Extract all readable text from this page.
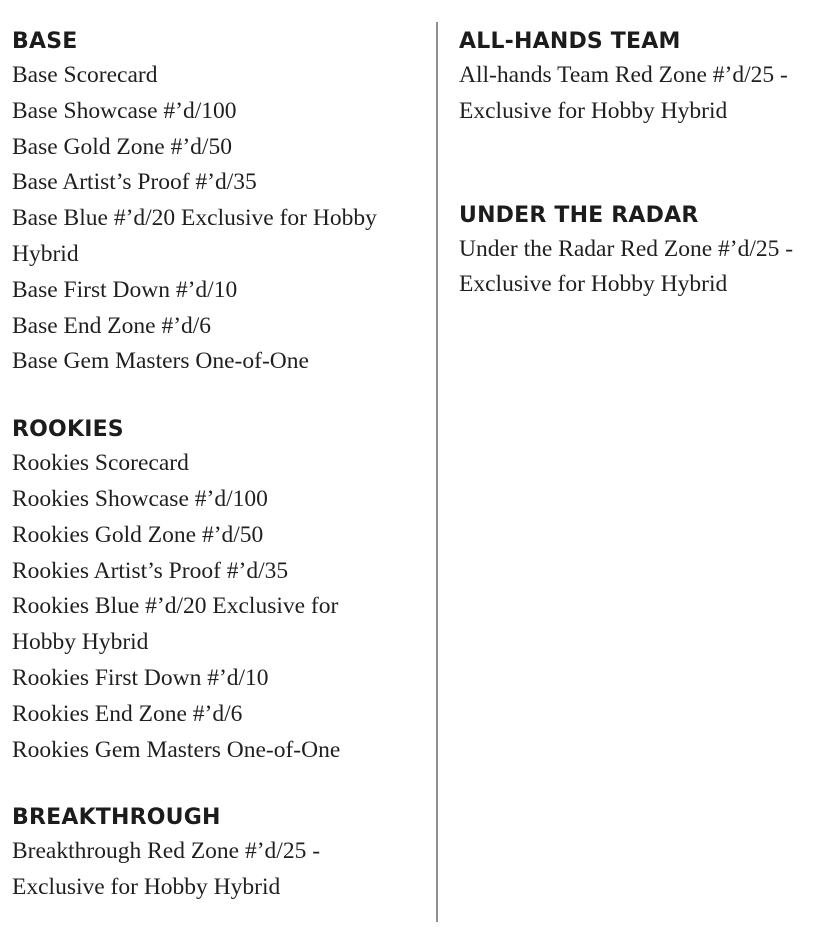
BASE
Base Scorecard
Base Showcase #’d/100
Base Gold Zone #’d/50
Base Artist’s Proof #’d/35
Base Blue #’d/20 Exclusive for Hobby
Hybrid
Base First Down #’d/10
Base End Zone #’d/6
Base Gem Masters One-of-One
ROOKIES
Rookies Scorecard
Rookies Showcase #’d/100
Rookies Gold Zone #’d/50
Rookies Artist’s Proof #’d/35
Rookies Blue #’d/20 Exclusive for
Hobby Hybrid
Rookies First Down #’d/10
Rookies End Zone #’d/6
Rookies Gem Masters One-of-One
BREAKTHROUGH
Breakthrough Red Zone #’d/25 -
Exclusive for Hobby Hybrid
ALL-HANDS TEAM
All-hands Team Red Zone #’d/25 -
Exclusive for Hobby Hybrid
UNDER THE RADAR
Under the Radar Red Zone #’d/25 -
Exclusive for Hobby Hybrid
